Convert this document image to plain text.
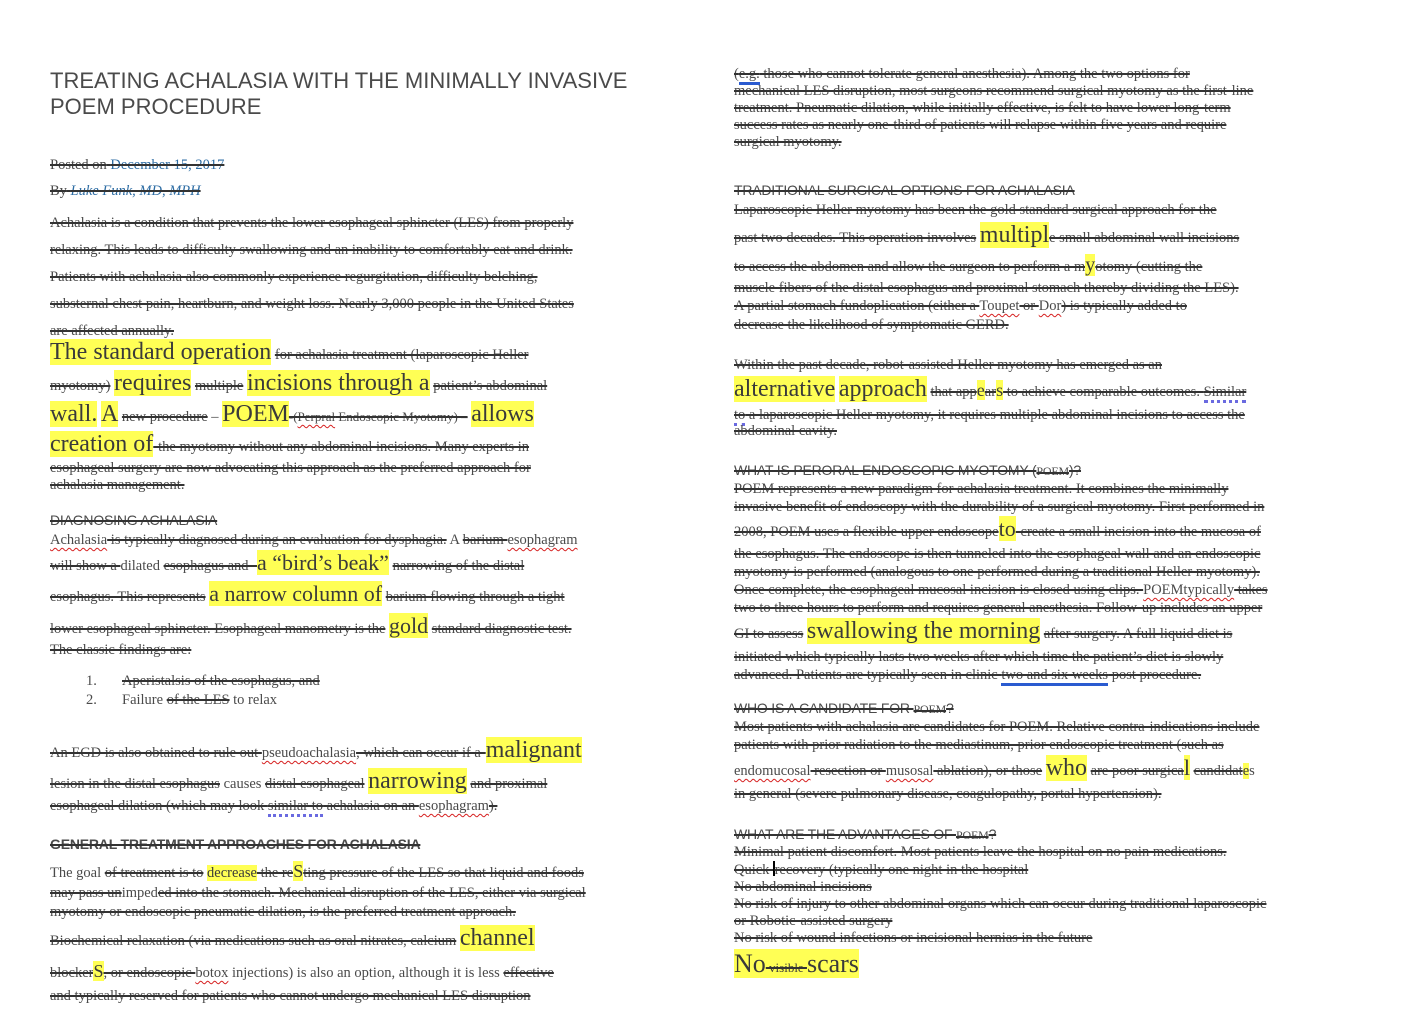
TREATING ACHALASIA WITH THE MINIMALLY INVASIVE
POEM PROCEDURE
Posted on December 15, 2017
By Luke Funk, MD, MPH
Achalasia is a condition that prevents the lower esophageal sphincter (LES) from properly
relaxing. This leads to difficulty swallowing and an inability to comfortably eat and drink.
Patients with achalasia also commonly experience regurgitation, difficulty belching,
substernal chest pain, heartburn, and weight loss. Nearly 3,000 people in the United States
are affected annually.
The standard operation for achalasia treatment (laparoscopic Heller
myotomy) requires multiple incisions through a patient’s abdominal
wall. A new procedure – POEM-(Perpral Endoscopic Myotomy) – allows
creation of-the myotomy without any abdominal incisions. Many experts in
esophageal surgery are now advocating this approach as the preferred approach for
achalasia management.
DIAGNOSING ACHALASIA
Achalasia is typically diagnosed during an evaluation for dysphagia. A barium esophagram
will show a dilated esophagus and -a “bird’s beak” narrowing of the distal
esophagus. This represents a narrow column of barium flowing through a tight
lower esophageal sphincter. Esophageal manometry is the gold standard diagnostic test.
The classic findings are:
1. Aperistalsis of the esophagus, and
2. Failure of the LES to relax
An EGD is also obtained to rule out pseudoachalasia, which can occur if a-malignant
lesion in the distal esophagus causes distal esophageal narrowing and proximal
esophageal dilation (which may look similar to achalasia on an esophagram).
GENERAL TREATMENT APPROACHES FOR ACHALASIA
The goal of treatment is to decrease the reSting pressure of the LES so that liquid and foods
may pass unimpeded into the stomach. Mechanical disruption of the LES, either via surgical
myotomy or endoscopic pneumatic dilation, is the preferred treatment approach.
Biochemical relaxation (via medications such as oral nitrates, calcium channel
blockerS, or endoscopic botox injections) is also an option, although it is less effective
and typically reserved for patients who cannot undergo mechanical LES disruption
(e.g. those who cannot tolerate general anesthesia). Among the two options for
mechanical LES disruption, most surgeons recommend surgical myotomy as the first-line
treatment. Pneumatic dilation, while initially effective, is felt to have lower long-term
success rates as nearly one-third of patients will relapse within five years and require
surgical myotomy.
TRADITIONAL SURGICAL OPTIONS FOR ACHALASIA
Laparoscopic Heller myotomy has been the gold standard surgical approach for the
past two decades. This operation involves multiple small abdominal wall incisions
to access the abdomen and allow the surgeon to perform a myotomy (cutting the
muscle fibers of the distal esophagus and proximal stomach thereby dividing the LES).
A partial stomach fundoplication (either a Toupet or Dor) is typically added to
decrease the likelihood of symptomatic GERD.
Within the past decade, robot-assisted Heller myotomy has emerged as an
alternative approach that appears to achieve comparable outcomes. Similar
to a laparoscopic Heller myotomy, it requires multiple abdominal incisions to access the
abdominal cavity.
WHAT IS PERORAL ENDOSCOPIC MYOTOMY (POEM)?
POEM represents a new paradigm for achalasia treatment. It combines the minimally
invasive benefit of endoscopy with the durability of a surgical myotomy. First performed in
2008, POEM uses a flexible upper endoscopeto-create a small incision into the mucosa of
the esophagus. The endoscope is then tunneled into the esophageal wall and an endoscopic
myotomy is performed (analogous to one performed during a traditional Heller myotomy).
Once complete, the esophageal mucosal incision is closed using clips. POEMtypically takes
two to three hours to perform and requires general anesthesia. Follow-up includes an upper
GI to assess swallowing the morning after surgery. A full liquid diet is
initiated which typically lasts two weeks after which time the patient’s diet is slowly
advanced. Patients are typically seen in clinic two and six weeks post procedure.
WHO IS A CANDIDATE FOR POEM?
Most patients with achalasia are candidates for POEM. Relative contra-indications include
patients with prior radiation to the mediastinum, prior endoscopic treatment (such as
endomucosal resection or musosal ablation), or those who are poor surgical candidates
in general (severe pulmonary disease, coagulopathy, portal hypertension).
WHAT ARE THE ADVANTAGES OF POEM?
Minimal patient discomfort. Most patients leave the hospital on no pain medications.
Quick recovery (typically one night in the hospital
No abdominal incisions
No risk of injury to other abdominal organs which can occur during traditional laparoscopic
or Robotic-assisted surgery
No risk of wound infections or incisional hernias in the future
No visible scars
